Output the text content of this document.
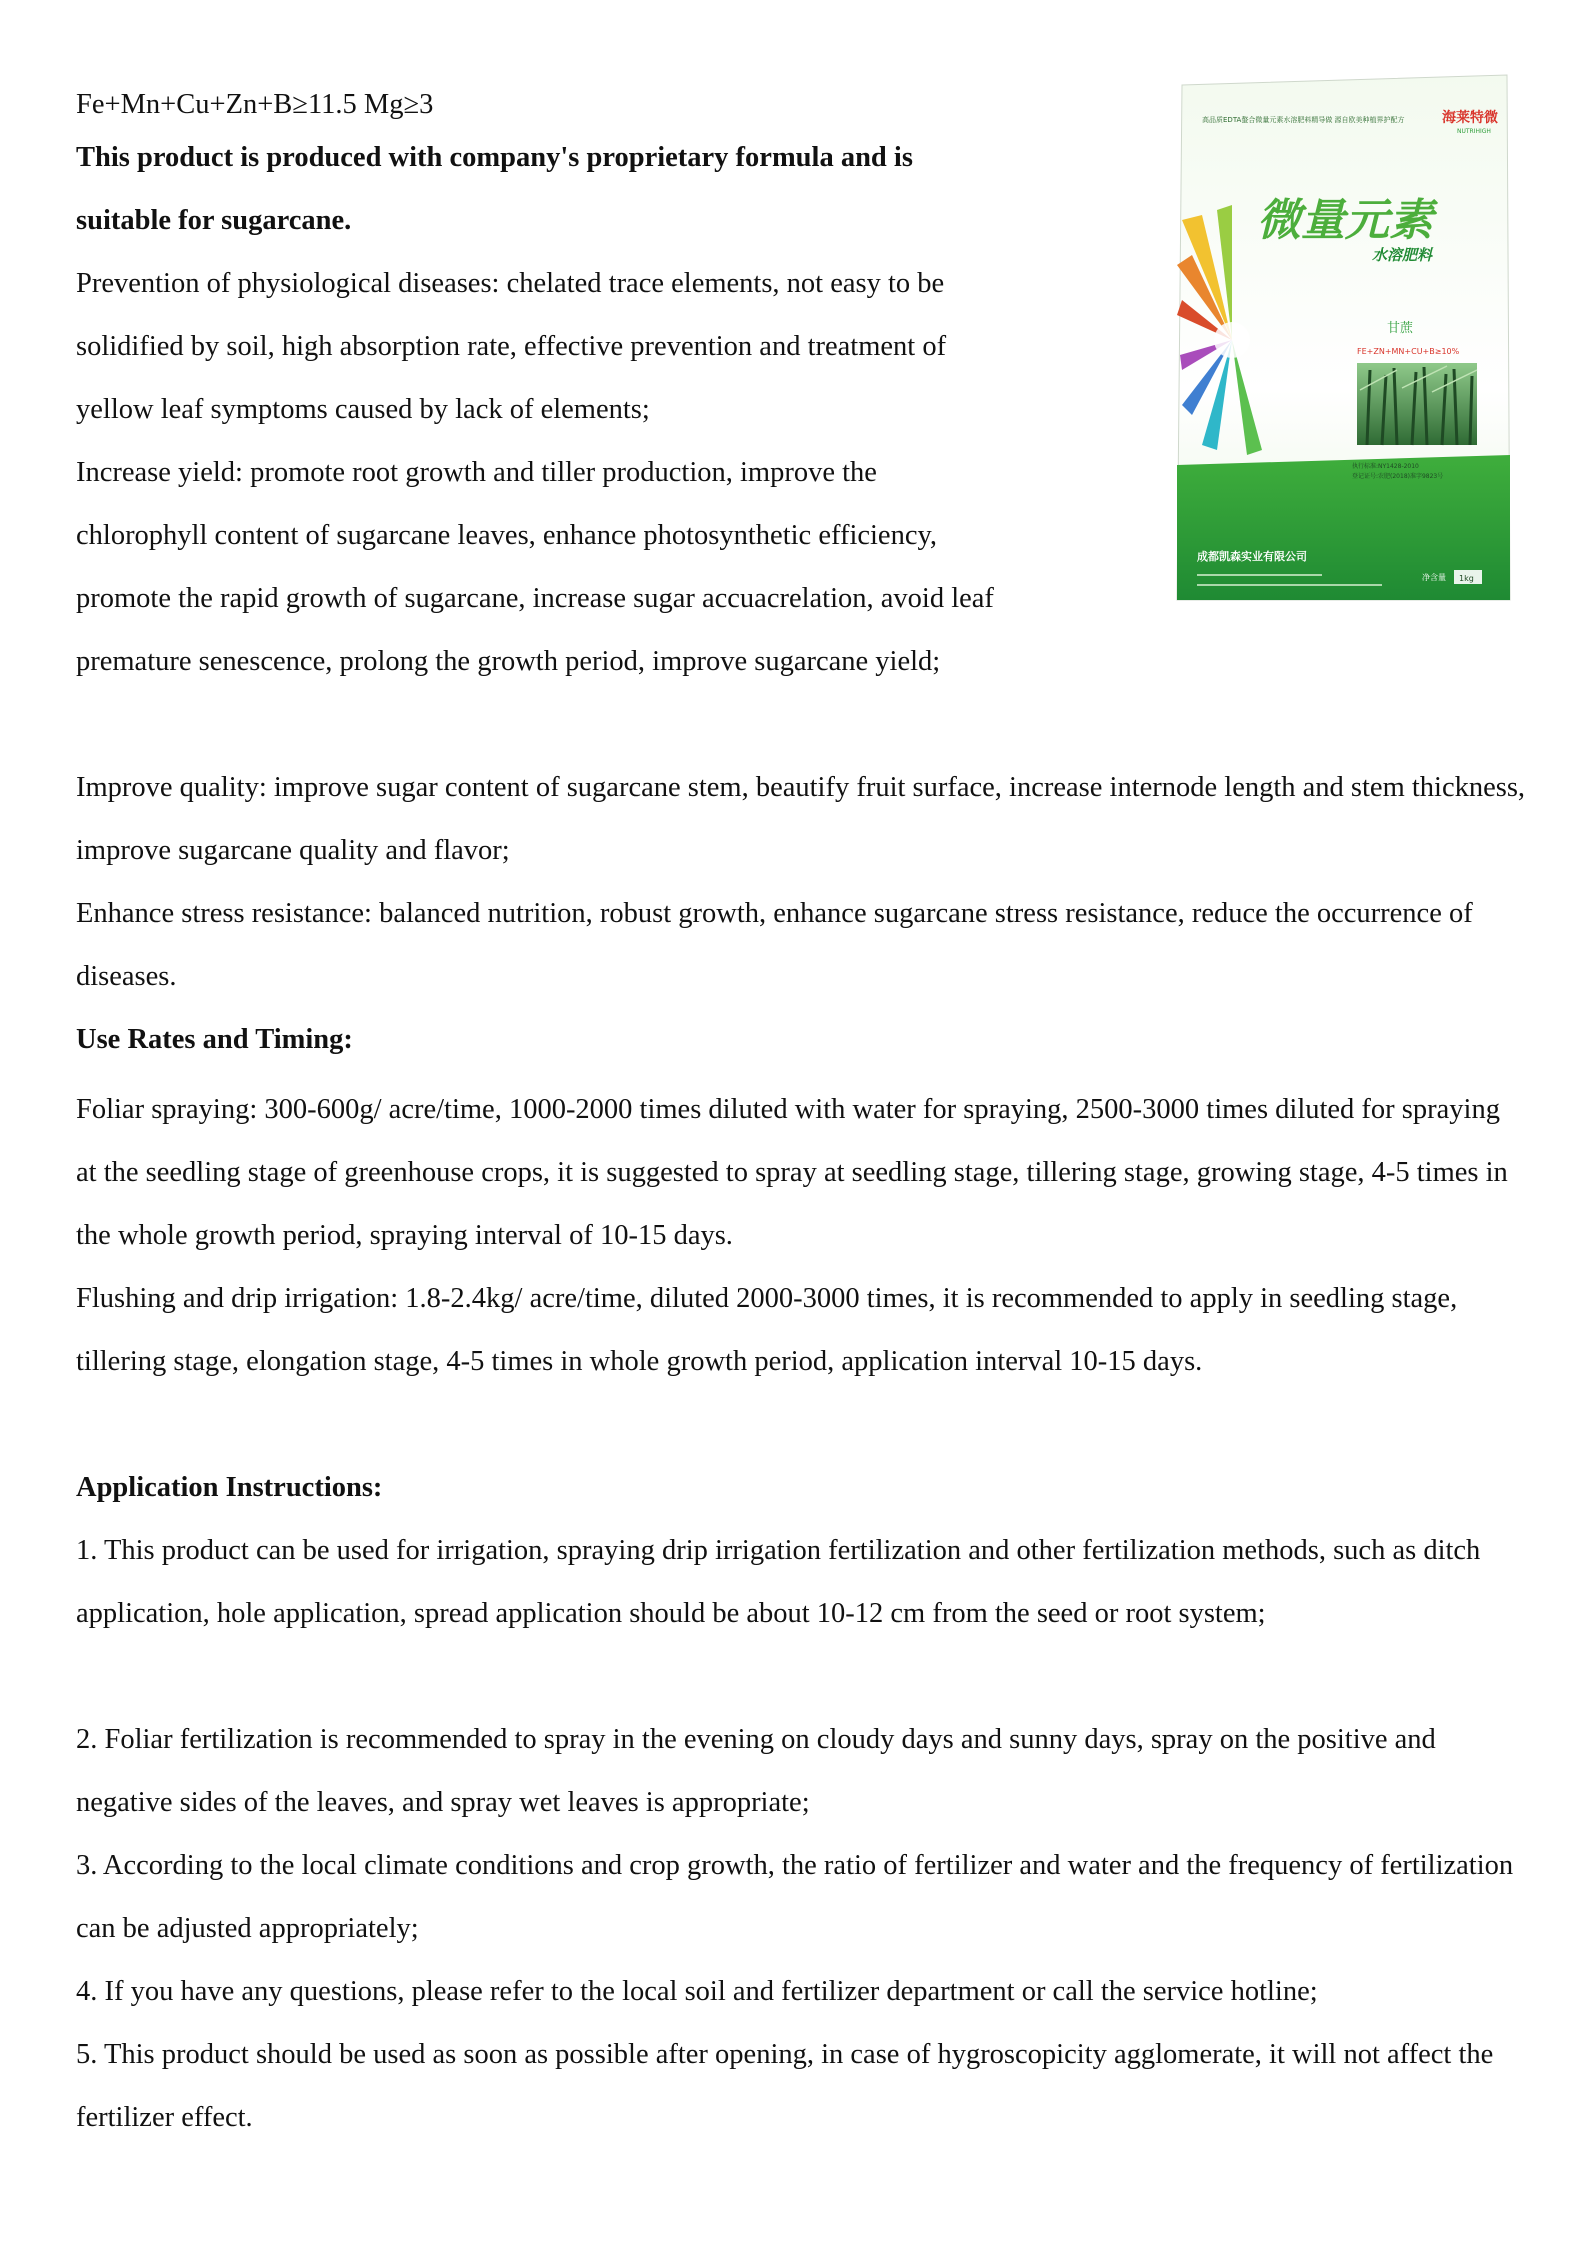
Fe+Mn+Cu+Zn+B≥11.5 Mg≥3

This product is produced with company's proprietary formula and is suitable for sugarcane.

Prevention of physiological diseases: chelated trace elements, not easy to be solidified by soil, high absorption rate, effective prevention and treatment of yellow leaf symptoms caused by lack of elements;

Increase yield: promote root growth and tiller production, improve the chlorophyll content of sugarcane leaves, enhance photosynthetic efficiency, promote the rapid growth of sugarcane, increase sugar accuacrelation, avoid leaf premature senescence, prolong the growth period, improve sugarcane yield;

Improve quality: improve sugar content of sugarcane stem, beautify fruit surface, increase internode length and stem thickness, improve sugarcane quality and flavor;

Enhance stress resistance: balanced nutrition, robust growth, enhance sugarcane stress resistance, reduce the occurrence of diseases.

Use Rates and Timing:

Foliar spraying: 300-600g/ acre/time, 1000-2000 times diluted with water for spraying, 2500-3000 times diluted for spraying at the seedling stage of greenhouse crops, it is suggested to spray at seedling stage, tillering stage, growing stage, 4-5 times in the whole growth period, spraying interval of 10-15 days.

Flushing and drip irrigation: 1.8-2.4kg/ acre/time, diluted 2000-3000 times, it is recommended to apply in seedling stage, tillering stage, elongation stage, 4-5 times in whole growth period, application interval 10-15 days.

Application Instructions:

1. This product can be used for irrigation, spraying drip irrigation fertilization and other fertilization methods, such as ditch application, hole application, spread application should be about 10-12 cm from the seed or root system;

2. Foliar fertilization is recommended to spray in the evening on cloudy days and sunny days, spray on the positive and negative sides of the leaves, and spray wet leaves is appropriate;

3. According to the local climate conditions and crop growth, the ratio of fertilizer and water and the frequency of fertilization can be adjusted appropriately;

4. If you have any questions, please refer to the local soil and fertilizer department or call the service hotline;

5. This product should be used as soon as possible after opening, in case of hygroscopicity agglomerate, it will not affect the fertilizer effect.

高品质EDTA螯合微量元素水溶肥料精导做 源自欧美种植界护配方	海莱特微
NUTRIHIGH
微量元素
水溶肥料
甘蔗
FE+ZN+MN+CU+B≥10%
执行标准:NY1428-2010
登记证号:农肥(2018)准字9823号
成都凯森实业有限公司
净含量 1kg
